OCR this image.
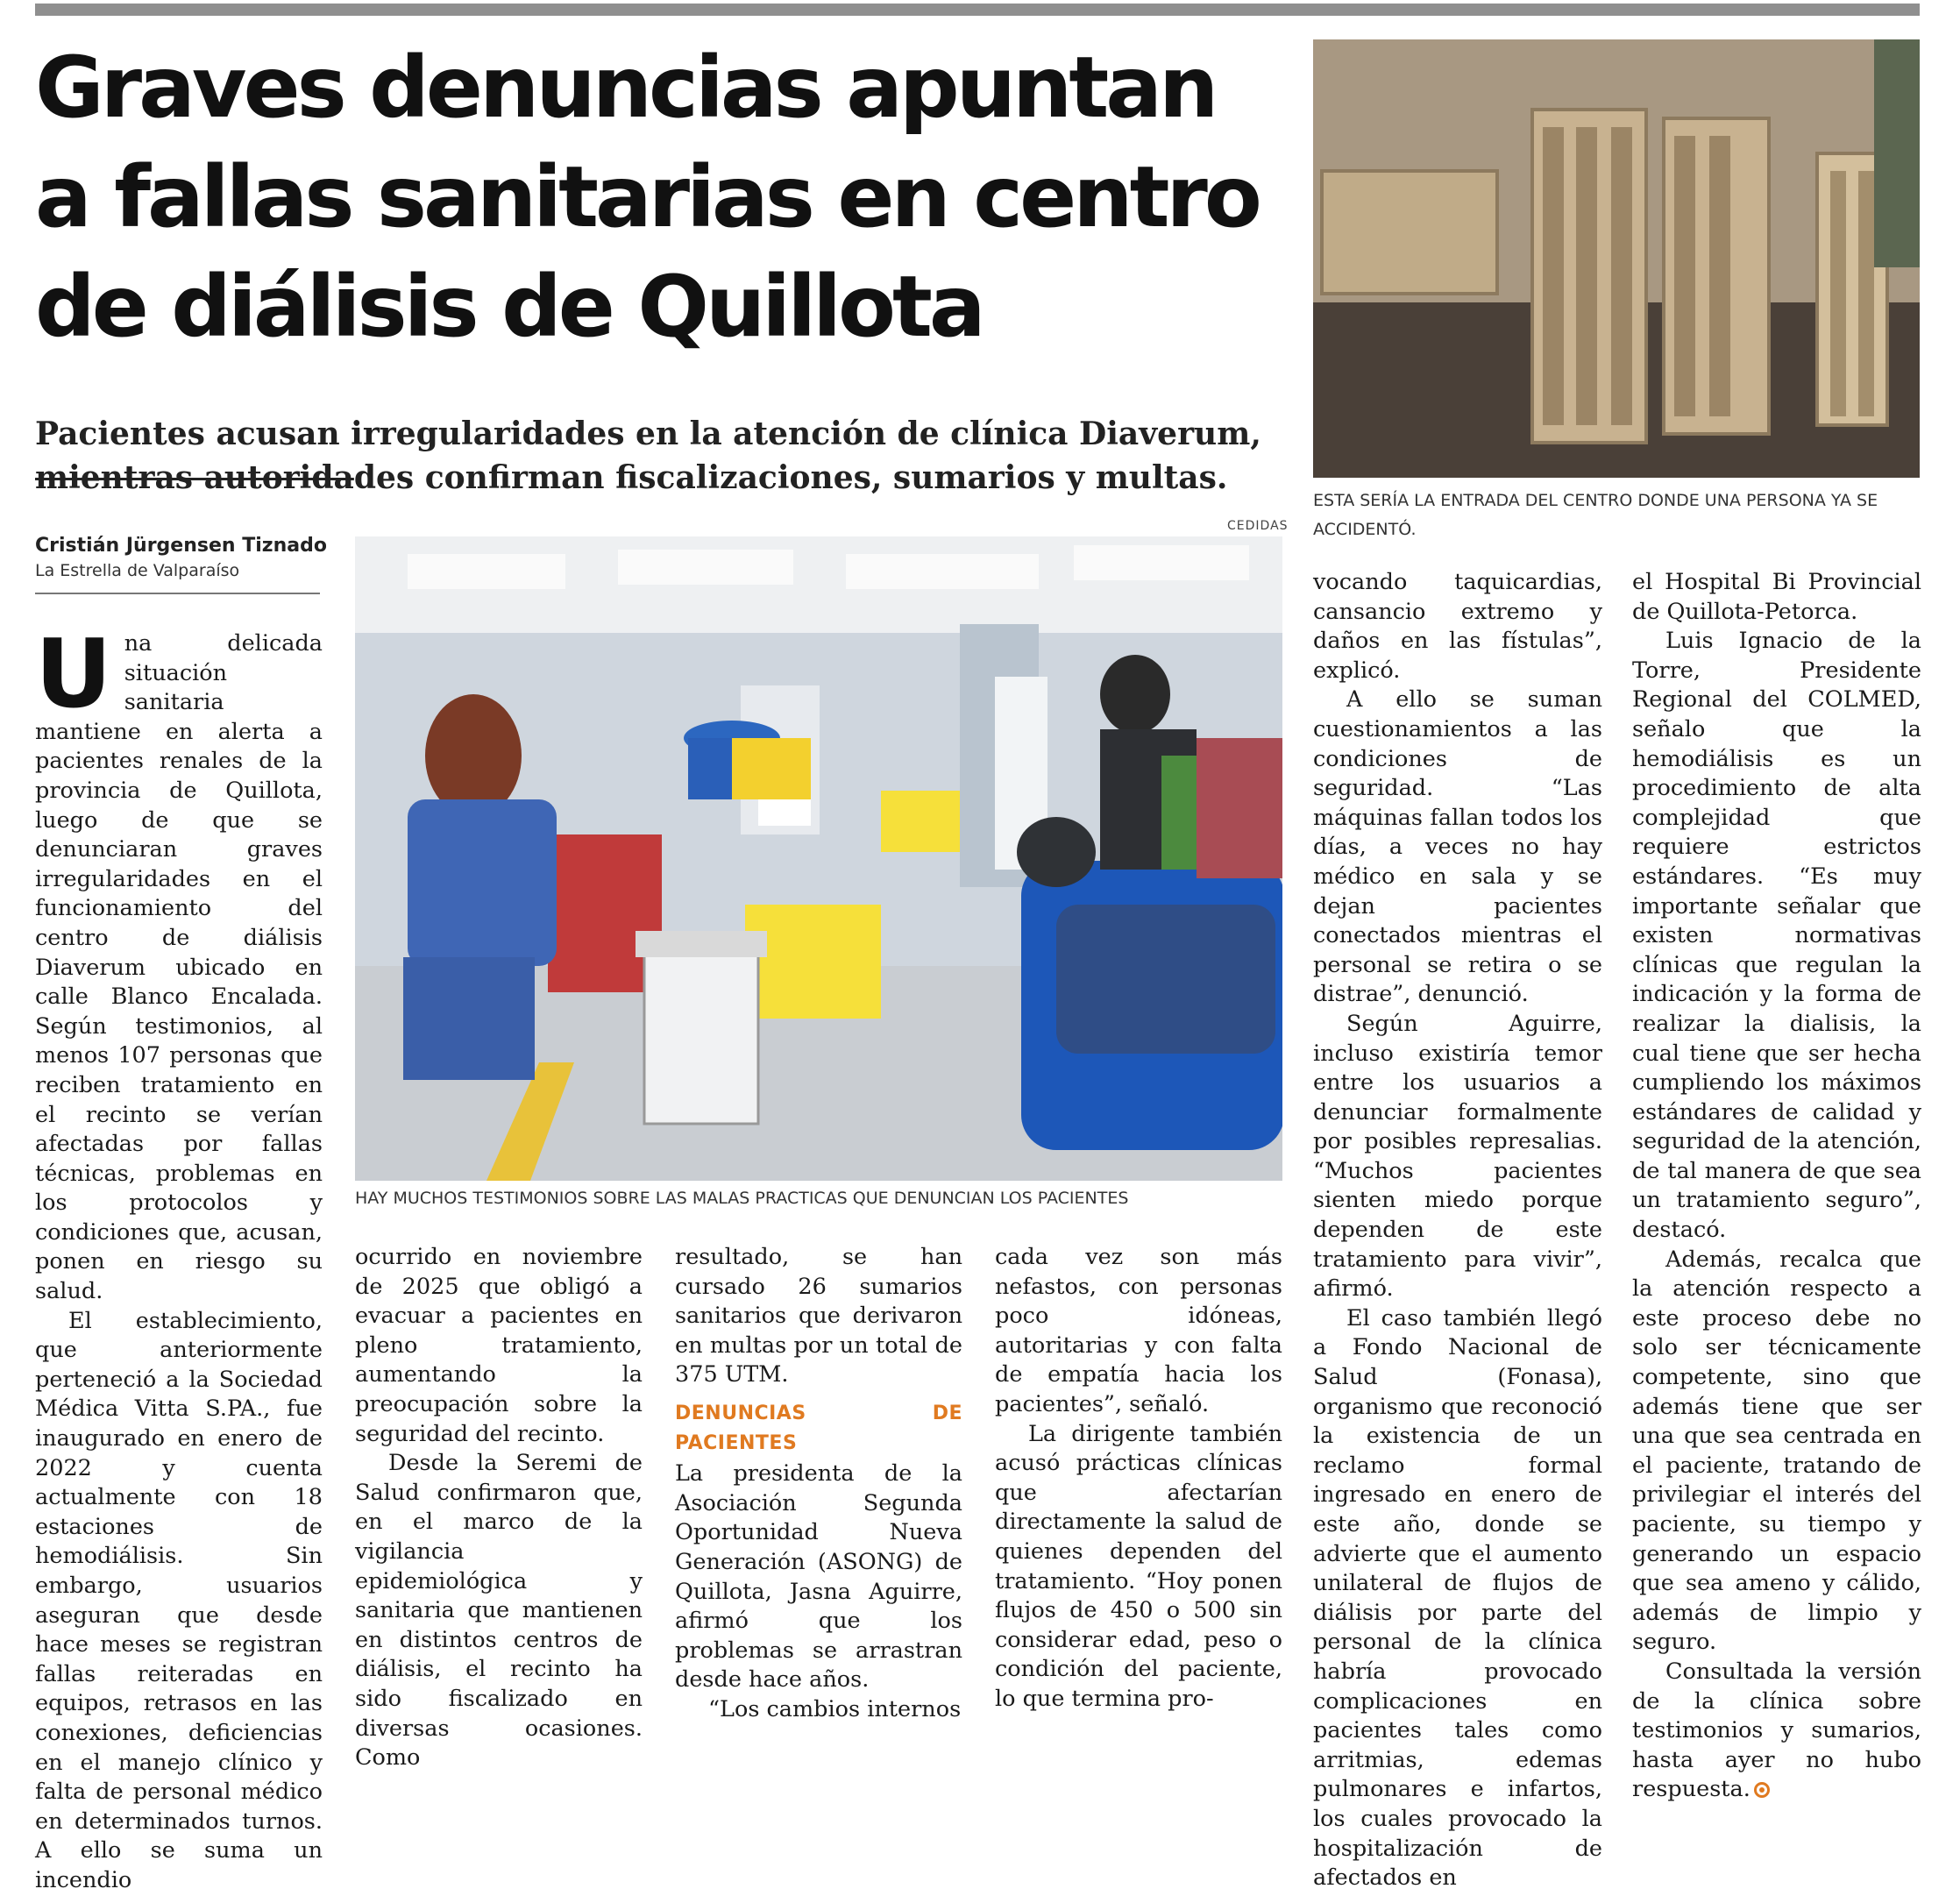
Graves denuncias apuntan
a fallas sanitarias en centro
de diálisis de Quillota
Pacientes acusan irregularidades en la atención de clínica Diaverum,
mientras autoridades confirman fiscalizaciones, sumarios y multas.
Cristián Jürgensen Tiznado
La Estrella de Valparaíso
CEDIDAS
HAY MUCHOS TESTIMONIOS SOBRE LAS MALAS PRACTICAS QUE DENUNCIAN LOS PACIENTES
ESTA SERÍA LA ENTRADA DEL CENTRO DONDE UNA PERSONA YA SE ACCIDENTÓ.

Una delicada situación sanitaria mantiene en alerta a pacientes renales de la provincia de Quillota, luego de que se denunciaran graves irregularidades en el funcionamiento del centro de diálisis Diaverum ubicado en calle Blanco Encalada. Según testimonios, al menos 107 personas que reciben tratamiento en el recinto se verían afectadas por fallas técnicas, problemas en los protocolos y condiciones que, acusan, ponen en riesgo su salud.

El establecimiento, que anteriormente perteneció a la Sociedad Médica Vitta S.PA., fue inaugurado en enero de 2022 y cuenta actualmente con 18 estaciones de hemodiálisis. Sin embargo, usuarios aseguran que desde hace meses se registran fallas reiteradas en equipos, retrasos en las conexiones, deficiencias en el manejo clínico y falta de personal médico en determinados turnos. A ello se suma un incendio

ocurrido en noviembre de 2025 que obligó a evacuar a pacientes en pleno tratamiento, aumentando la preocupación sobre la seguridad del recinto.

Desde la Seremi de Salud confirmaron que, en el marco de la vigilancia epidemiológica y sanitaria que mantienen en distintos centros de diálisis, el recinto ha sido fiscalizado en diversas ocasiones. Como

resultado, se han cursado 26 sumarios sanitarios que derivaron en multas por un total de 375 UTM.

DENUNCIAS DE PACIENTES

La presidenta de la Asociación Segunda Oportunidad Nueva Generación (ASONG) de Quillota, Jasna Aguirre, afirmó que los problemas se arrastran desde hace años.

“Los cambios internos

cada vez son más nefastos, con personas poco idóneas, autoritarias y con falta de empatía hacia los pacientes”, señaló.

La dirigente también acusó prácticas clínicas que afectarían directamente la salud de quienes dependen del tratamiento. “Hoy ponen flujos de 450 o 500 sin considerar edad, peso o condición del paciente, lo que termina pro-

vocando taquicardias, cansancio extremo y daños en las fístulas”, explicó.

A ello se suman cuestionamientos a las condiciones de seguridad. “Las máquinas fallan todos los días, a veces no hay médico en sala y se dejan pacientes conectados mientras el personal se retira o se distrae”, denunció.

Según Aguirre, incluso existiría temor entre los usuarios a denunciar formalmente por posibles represalias. “Muchos pacientes sienten miedo porque dependen de este tratamiento para vivir”, afirmó.

El caso también llegó a Fondo Nacional de Salud (Fonasa), organismo que reconoció la existencia de un reclamo formal ingresado en enero de este año, donde se advierte que el aumento unilateral de flujos de diálisis por parte del personal de la clínica habría provocado complicaciones en pacientes tales como arritmias, edemas pulmonares e infartos, los cuales provocado la hospitalización de afectados en

el Hospital Bi Provincial de Quillota-Petorca.

Luis Ignacio de la Torre, Presidente Regional del COLMED, señalo que la hemodiálisis es un procedimiento de alta complejidad que requiere estrictos estándares. “Es muy importante señalar que existen normativas clínicas que regulan la indicación y la forma de realizar la dialisis, la cual tiene que ser hecha cumpliendo los máximos estándares de calidad y seguridad de la atención, de tal manera de que sea un tratamiento seguro”, destacó.

Además, recalca que la atención respecto a este proceso debe no solo ser técnicamente competente, sino que además tiene que ser una que sea centrada en el paciente, tratando de privilegiar el interés del paciente, su tiempo y generando un espacio que sea ameno y cálido, además de limpio y seguro.

Consultada la versión de la clínica sobre testimonios y sumarios, hasta ayer no hubo respuesta.
